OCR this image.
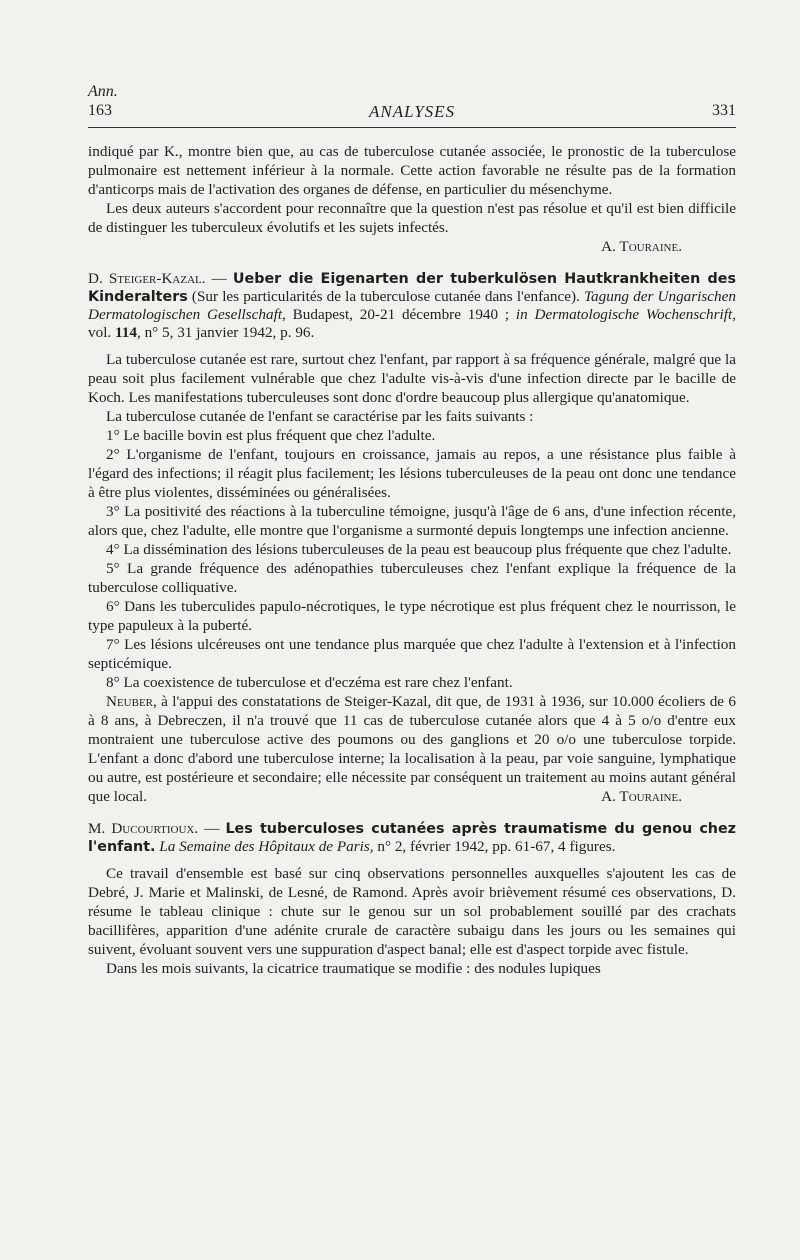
Ann.
163	ANALYSES	331

indiqué par K., montre bien que, au cas de tuberculose cutanée associée, le pronostic de la tuberculose pulmonaire est nettement inférieur à la normale. Cette action favorable ne résulte pas de la formation d'anticorps mais de l'activation des organes de défense, en particulier du mésenchyme.

Les deux auteurs s'accordent pour reconnaître que la question n'est pas résolue et qu'il est bien difficile de distinguer les tuberculeux évolutifs et les sujets infectés.

A. Touraine.

D. Steiger-Kazal. — Ueber die Eigenarten der tuberkulösen Hautkrankheiten des Kinderalters (Sur les particularités de la tuberculose cutanée dans l'enfance). Tagung der Ungarischen Dermatologischen Gesellschaft, Budapest, 20-21 décembre 1940 ; in Dermatologische Wochenschrift, vol. 114, n° 5, 31 janvier 1942, p. 96.

La tuberculose cutanée est rare, surtout chez l'enfant, par rapport à sa fréquence générale, malgré que la peau soit plus facilement vulnérable que chez l'adulte vis-à-vis d'une infection directe par le bacille de Koch. Les manifestations tuberculeuses sont donc d'ordre beaucoup plus allergique qu'anatomique.

La tuberculose cutanée de l'enfant se caractérise par les faits suivants :

1° Le bacille bovin est plus fréquent que chez l'adulte.

2° L'organisme de l'enfant, toujours en croissance, jamais au repos, a une résistance plus faible à l'égard des infections; il réagit plus facilement; les lésions tuberculeuses de la peau ont donc une tendance à être plus violentes, disséminées ou généralisées.

3° La positivité des réactions à la tuberculine témoigne, jusqu'à l'âge de 6 ans, d'une infection récente, alors que, chez l'adulte, elle montre que l'organisme a surmonté depuis longtemps une infection ancienne.

4° La dissémination des lésions tuberculeuses de la peau est beaucoup plus fréquente que chez l'adulte.

5° La grande fréquence des adénopathies tuberculeuses chez l'enfant explique la fréquence de la tuberculose colliquative.

6° Dans les tuberculides papulo-nécrotiques, le type nécrotique est plus fréquent chez le nourrisson, le type papuleux à la puberté.

7° Les lésions ulcéreuses ont une tendance plus marquée que chez l'adulte à l'extension et à l'infection septicémique.

8° La coexistence de tuberculose et d'eczéma est rare chez l'enfant.

Neuber, à l'appui des constatations de Steiger-Kazal, dit que, de 1931 à 1936, sur 10.000 écoliers de 6 à 8 ans, à Debreczen, il n'a trouvé que 11 cas de tuberculose cutanée alors que 4 à 5 o/o d'entre eux montraient une tuberculose active des poumons ou des ganglions et 20 o/o une tuberculose torpide. L'enfant a donc d'abord une tuberculose interne; la localisation à la peau, par voie sanguine, lymphatique ou autre, est postérieure et secondaire; elle nécessite par conséquent un traitement au moins autant général que local.	A. Touraine.

M. Ducourtioux. — Les tuberculoses cutanées après traumatisme du genou chez l'enfant. La Semaine des Hôpitaux de Paris, n° 2, février 1942, pp. 61-67, 4 figures.

Ce travail d'ensemble est basé sur cinq observations personnelles auxquelles s'ajoutent les cas de Debré, J. Marie et Malinski, de Lesné, de Ramond. Après avoir brièvement résumé ces observations, D. résume le tableau clinique : chute sur le genou sur un sol probablement souillé par des crachats bacillifères, apparition d'une adénite crurale de caractère subaigu dans les jours ou les semaines qui suivent, évoluant souvent vers une suppuration d'aspect banal; elle est d'aspect torpide avec fistule.

Dans les mois suivants, la cicatrice traumatique se modifie : des nodules lupiques
